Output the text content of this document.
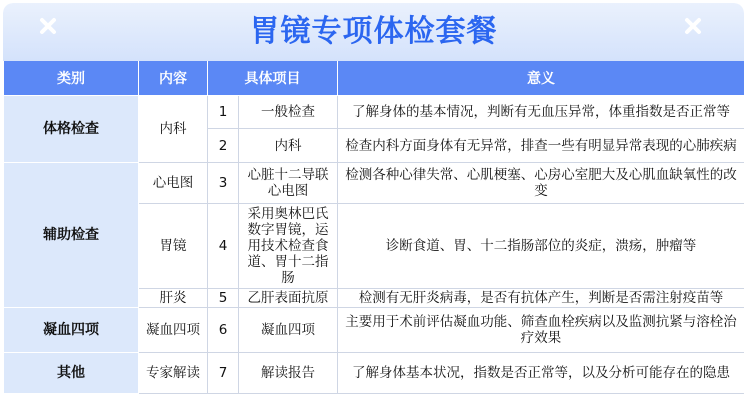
胃镜专项体检套餐
类别	内容	具体项目		意义
体格检查	内科	1	一般检查	了解身体的基本情况，判断有无血压异常，体重指数是否正常等
		2	内科	检查内科方面身体有无异常，排查一些有明显异常表现的心肺疾病
辅助检查	心电图	3	心脏十二导联心电图	检测各种心律失常、心肌梗塞、心房心室肥大及心肌血缺氧性的改变
	胃镜	4	采用奥林巴氏数字胃镜，运用技术检查食道、胃十二指肠	诊断食道、胃、十二指肠部位的炎症，溃疡，肿瘤等
	肝炎	5	乙肝表面抗原	检测有无肝炎病毒，是否有抗体产生，判断是否需注射疫苗等
凝血四项	凝血四项	6	凝血四项	主要用于术前评估凝血功能、筛查血栓疾病以及监测抗紧与溶栓治疗效果
其他	专家解读	7	解读报告	了解身体基本状况，指数是否正常等，以及分析可能存在的隐患
